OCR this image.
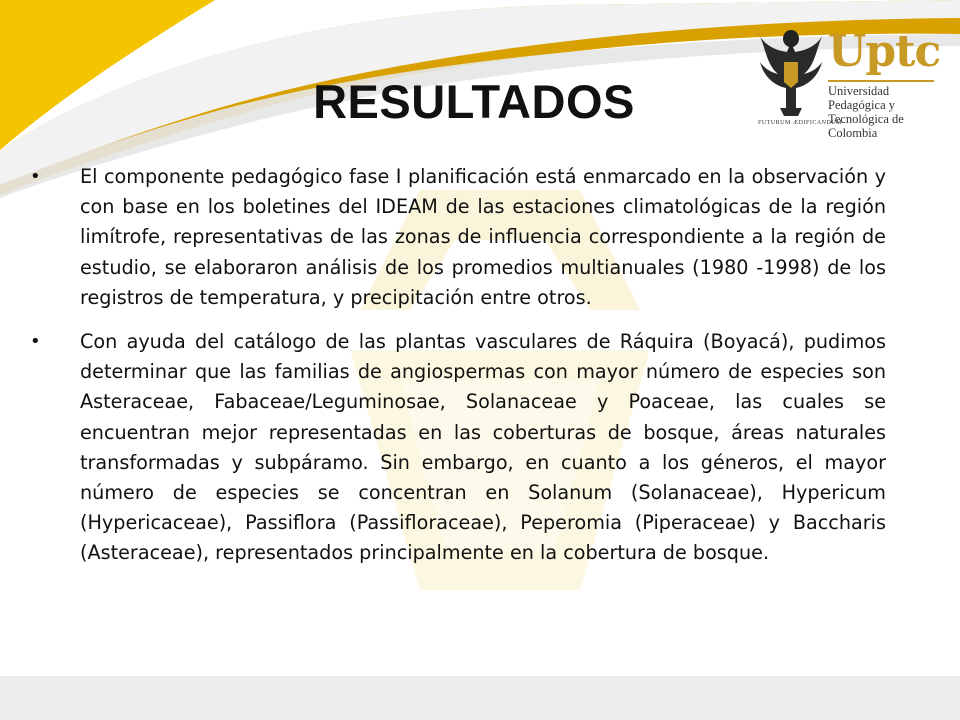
FUTURUM ÆDIFICANDUM
Uptc
Universidad Pedagógica y
Tecnológica de Colombia
RESULTADOS

• El componente pedagógico fase I planificación está enmarcado en la observación y con base en los boletines del IDEAM de las estaciones climatológicas de la región limítrofe, representativas de las zonas de influencia correspondiente a la región de estudio, se elaboraron análisis de los promedios multianuales (1980 -1998) de los registros de temperatura, y precipitación entre otros.

• Con ayuda del catálogo de las plantas vasculares de Ráquira (Boyacá), pudimos determinar que las familias de angiospermas con mayor número de especies son Asteraceae, Fabaceae/Leguminosae, Solanaceae y Poaceae, las cuales se encuentran mejor representadas en las coberturas de bosque, áreas naturales transformadas y subpáramo. Sin embargo, en cuanto a los géneros, el mayor número de especies se concentran en Solanum (Solanaceae), Hypericum (Hypericaceae), Passiflora (Passifloraceae), Peperomia (Piperaceae) y Baccharis (Asteraceae), representados principalmente en la cobertura de bosque.
